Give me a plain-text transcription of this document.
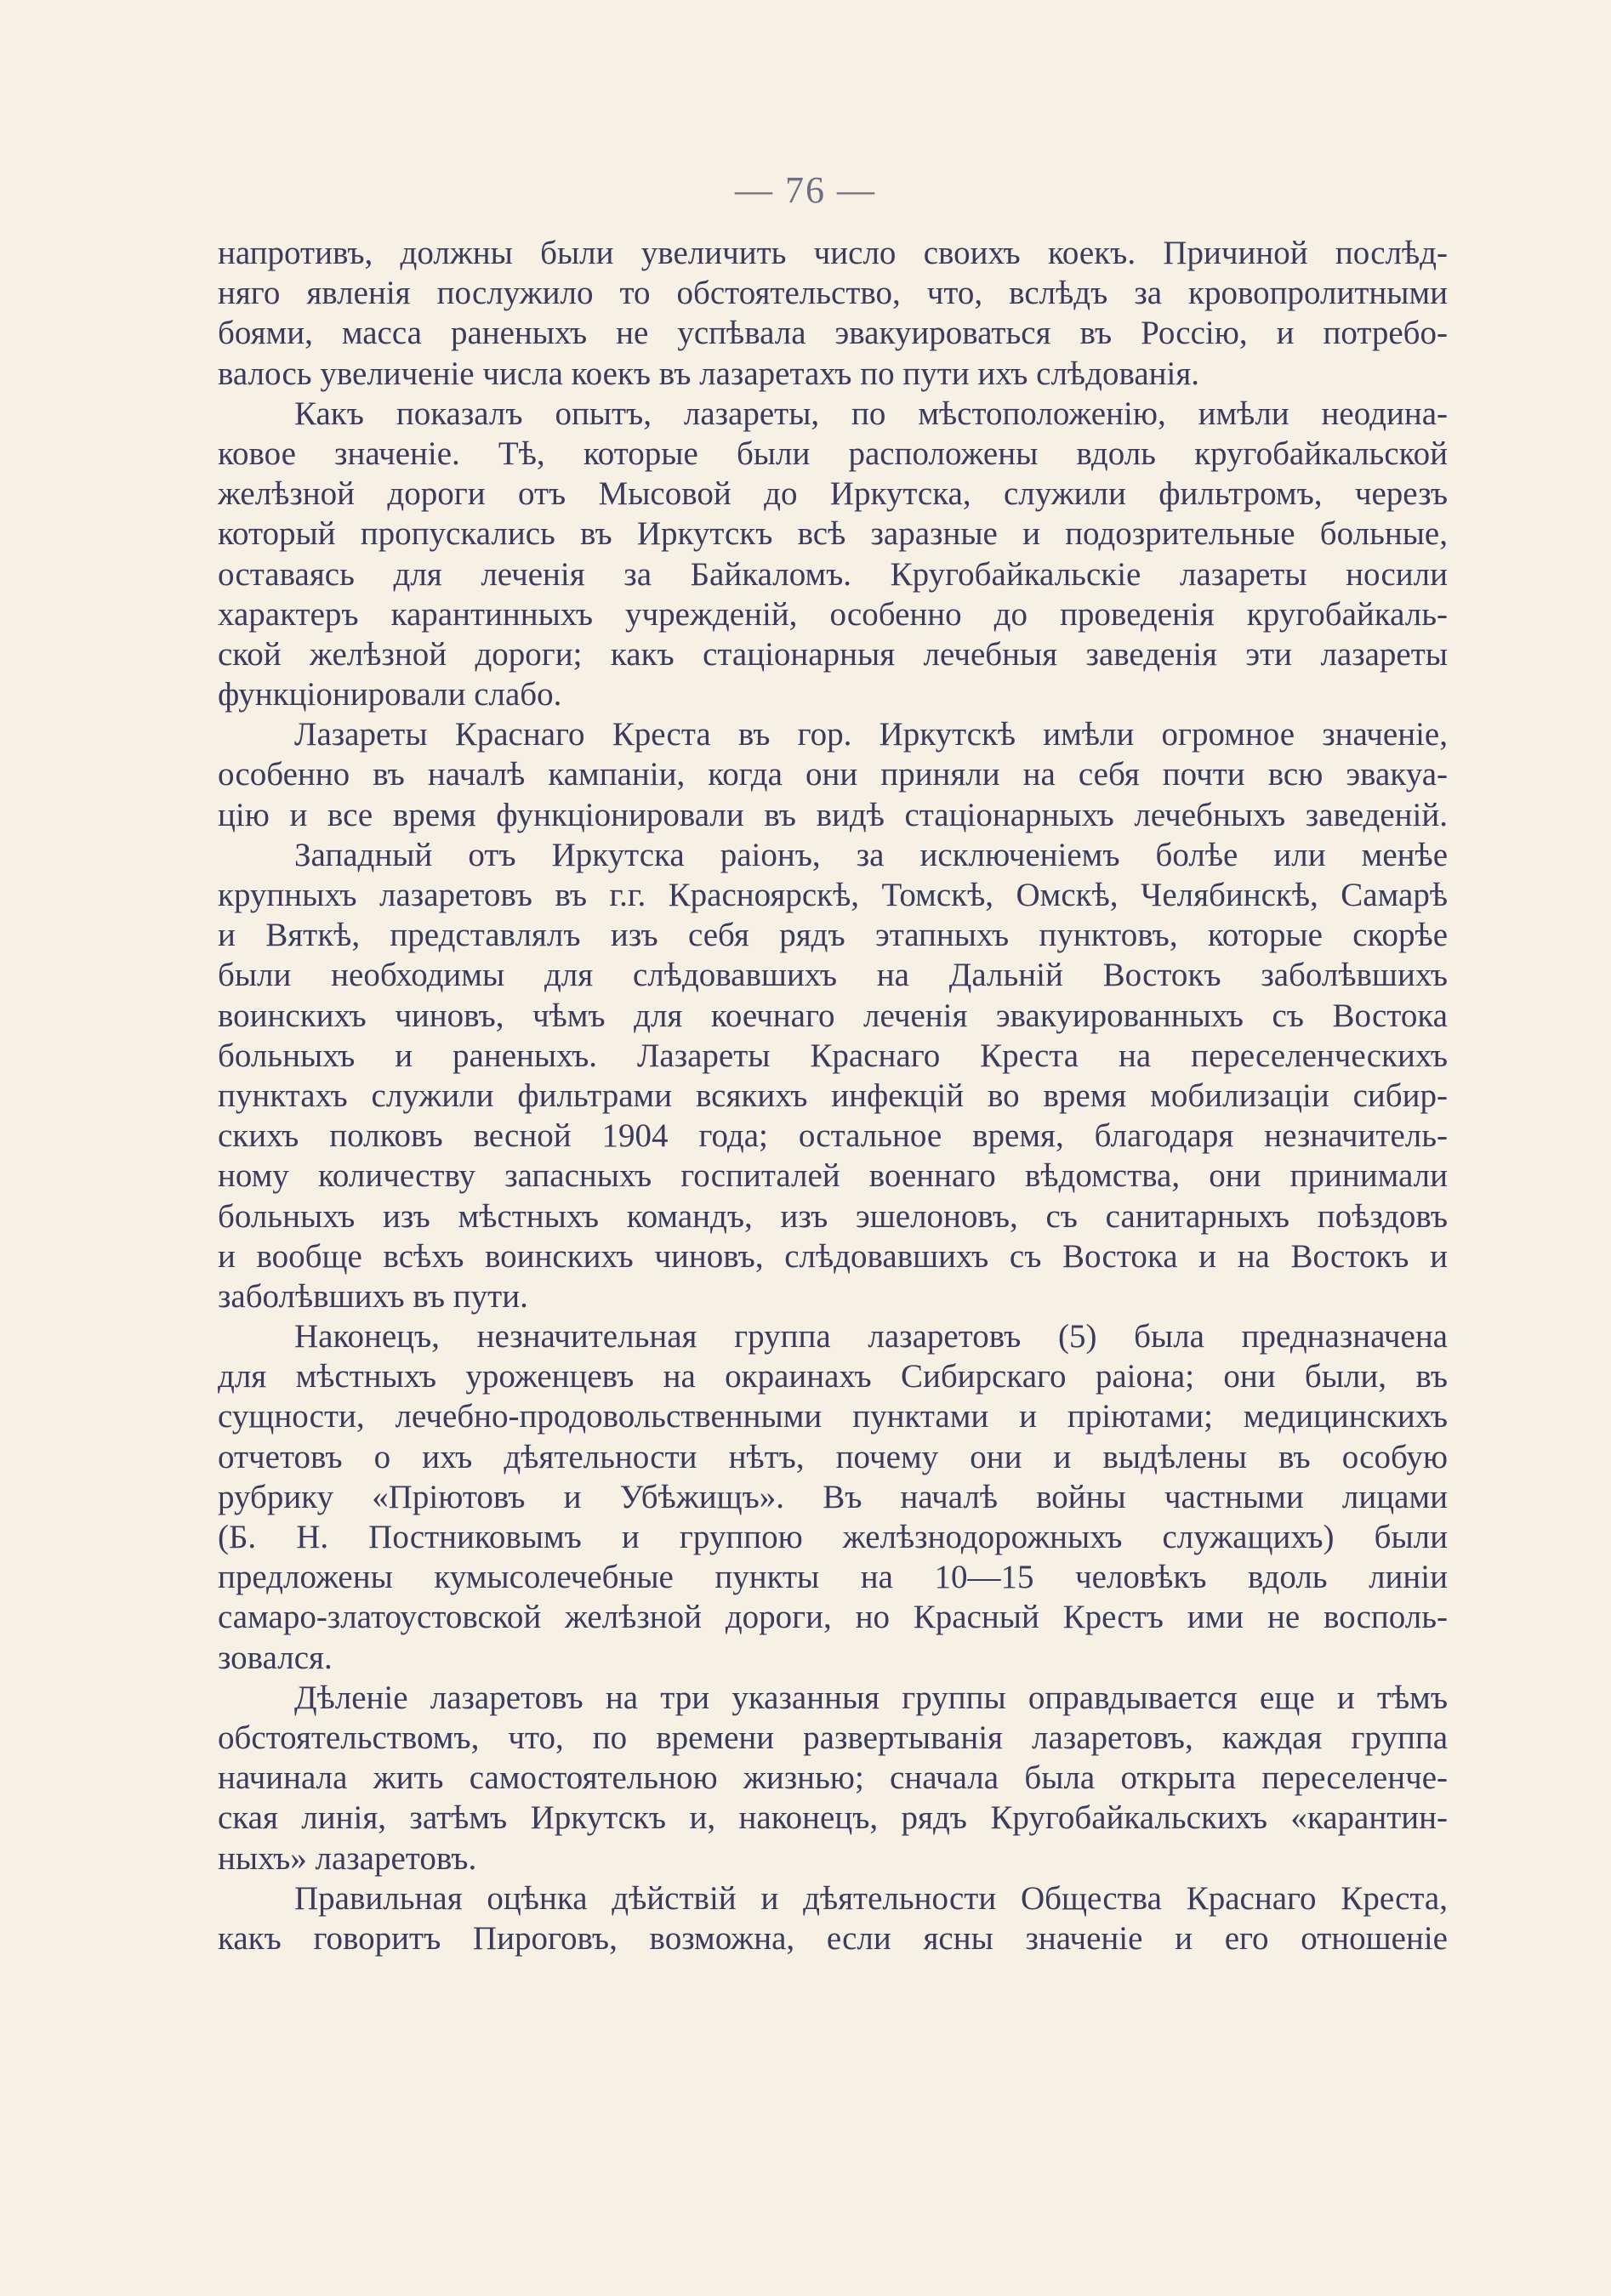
— 76 —
напротивъ, должны были увеличить число своихъ коекъ. Причиной послѣд-
няго явленія послужило то обстоятельство, что, вслѣдъ за кровопролитными
боями, масса раненыхъ не успѣвала эвакуироваться въ Россію, и потребо-
валось увеличеніе числа коекъ въ лазаретахъ по пути ихъ слѣдованія.
Какъ показалъ опытъ, лазареты, по мѣстоположенію, имѣли неодина-
ковое значеніе. Тѣ, которые были расположены вдоль кругобайкальской
желѣзной дороги отъ Мысовой до Иркутска, служили фильтромъ, черезъ
который пропускались въ Иркутскъ всѣ заразные и подозрительные больные,
оставаясь для леченія за Байкаломъ. Кругобайкальскіе лазареты носили
характеръ карантинныхъ учрежденій, особенно до проведенія кругобайкаль-
ской желѣзной дороги; какъ стаціонарныя лечебныя заведенія эти лазареты
функціонировали слабо.
Лазареты Краснаго Креста въ гор. Иркутскѣ имѣли огромное значеніе,
особенно въ началѣ кампаніи, когда они приняли на себя почти всю эвакуа-
цію и все время функціонировали въ видѣ стаціонарныхъ лечебныхъ заведеній.
Западный отъ Иркутска раіонъ, за исключеніемъ болѣе или менѣе
крупныхъ лазаретовъ въ г.г. Красноярскѣ, Томскѣ, Омскѣ, Челябинскѣ, Самарѣ
и Вяткѣ, представлялъ изъ себя рядъ этапныхъ пунктовъ, которые скорѣе
были необходимы для слѣдовавшихъ на Дальній Востокъ заболѣвшихъ
воинскихъ чиновъ, чѣмъ для коечнаго леченія эвакуированныхъ съ Востока
больныхъ и раненыхъ. Лазареты Краснаго Креста на переселенческихъ
пунктахъ служили фильтрами всякихъ инфекцій во время мобилизаціи сибир-
скихъ полковъ весной 1904 года; остальное время, благодаря незначитель-
ному количеству запасныхъ госпиталей военнаго вѣдомства, они принимали
больныхъ изъ мѣстныхъ командъ, изъ эшелоновъ, съ санитарныхъ поѣздовъ
и вообще всѣхъ воинскихъ чиновъ, слѣдовавшихъ съ Востока и на Востокъ и
заболѣвшихъ въ пути.
Наконецъ, незначительная группа лазаретовъ (5) была предназначена
для мѣстныхъ уроженцевъ на окраинахъ Сибирскаго раіона; они были, въ
сущности, лечебно-продовольственными пунктами и пріютами; медицинскихъ
отчетовъ о ихъ дѣятельности нѣтъ, почему они и выдѣлены въ особую
рубрику «Пріютовъ и Убѣжищъ». Въ началѣ войны частными лицами
(Б. Н. Постниковымъ и группою желѣзнодорожныхъ служащихъ) были
предложены кумысолечебные пункты на 10—15 человѣкъ вдоль линіи
самаро-златоустовской желѣзной дороги, но Красный Крестъ ими не восполь-
зовался.
Дѣленіе лазаретовъ на три указанныя группы оправдывается еще и тѣмъ
обстоятельствомъ, что, по времени развертыванія лазаретовъ, каждая группа
начинала жить самостоятельною жизнью; сначала была открыта переселенче-
ская линія, затѣмъ Иркутскъ и, наконецъ, рядъ Кругобайкальскихъ «карантин-
ныхъ» лазаретовъ.
Правильная оцѣнка дѣйствій и дѣятельности Общества Краснаго Креста,
какъ говоритъ Пироговъ, возможна, если ясны значеніе и его отношеніе
